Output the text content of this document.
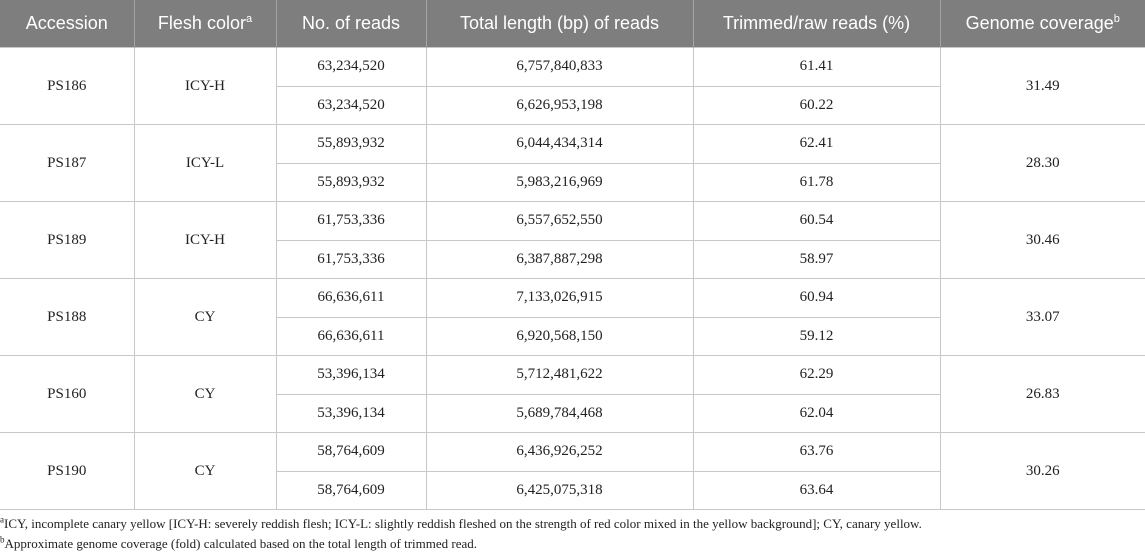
Accession	Flesh color$^a$	No. of reads	Total length (bp) of reads	Trimmed/raw reads (%)	Genome coverage$^b$
PS186	ICY-H	63,234,520	6,757,840,833	61.41	31.49
		63,234,520	6,626,953,198	60.22	
PS187	ICY-L	55,893,932	6,044,434,314	62.41	28.30
		55,893,932	5,983,216,969	61.78	
PS189	ICY-H	61,753,336	6,557,652,550	60.54	30.46
		61,753,336	6,387,887,298	58.97	
PS188	CY	66,636,611	7,133,026,915	60.94	33.07
		66,636,611	6,920,568,150	59.12	
PS160	CY	53,396,134	5,712,481,622	62.29	26.83
		53,396,134	5,689,784,468	62.04	
PS190	CY	58,764,609	6,436,926,252	63.76	30.26
		58,764,609	6,425,075,318	63.64	
$^a$ICY, incomplete canary yellow [ICY-H: severely reddish flesh; ICY-L: slightly reddish fleshed on the strength of red color mixed in the yellow background]; CY, canary yellow.
$^b$Approximate genome coverage (fold) calculated based on the total length of trimmed read.
